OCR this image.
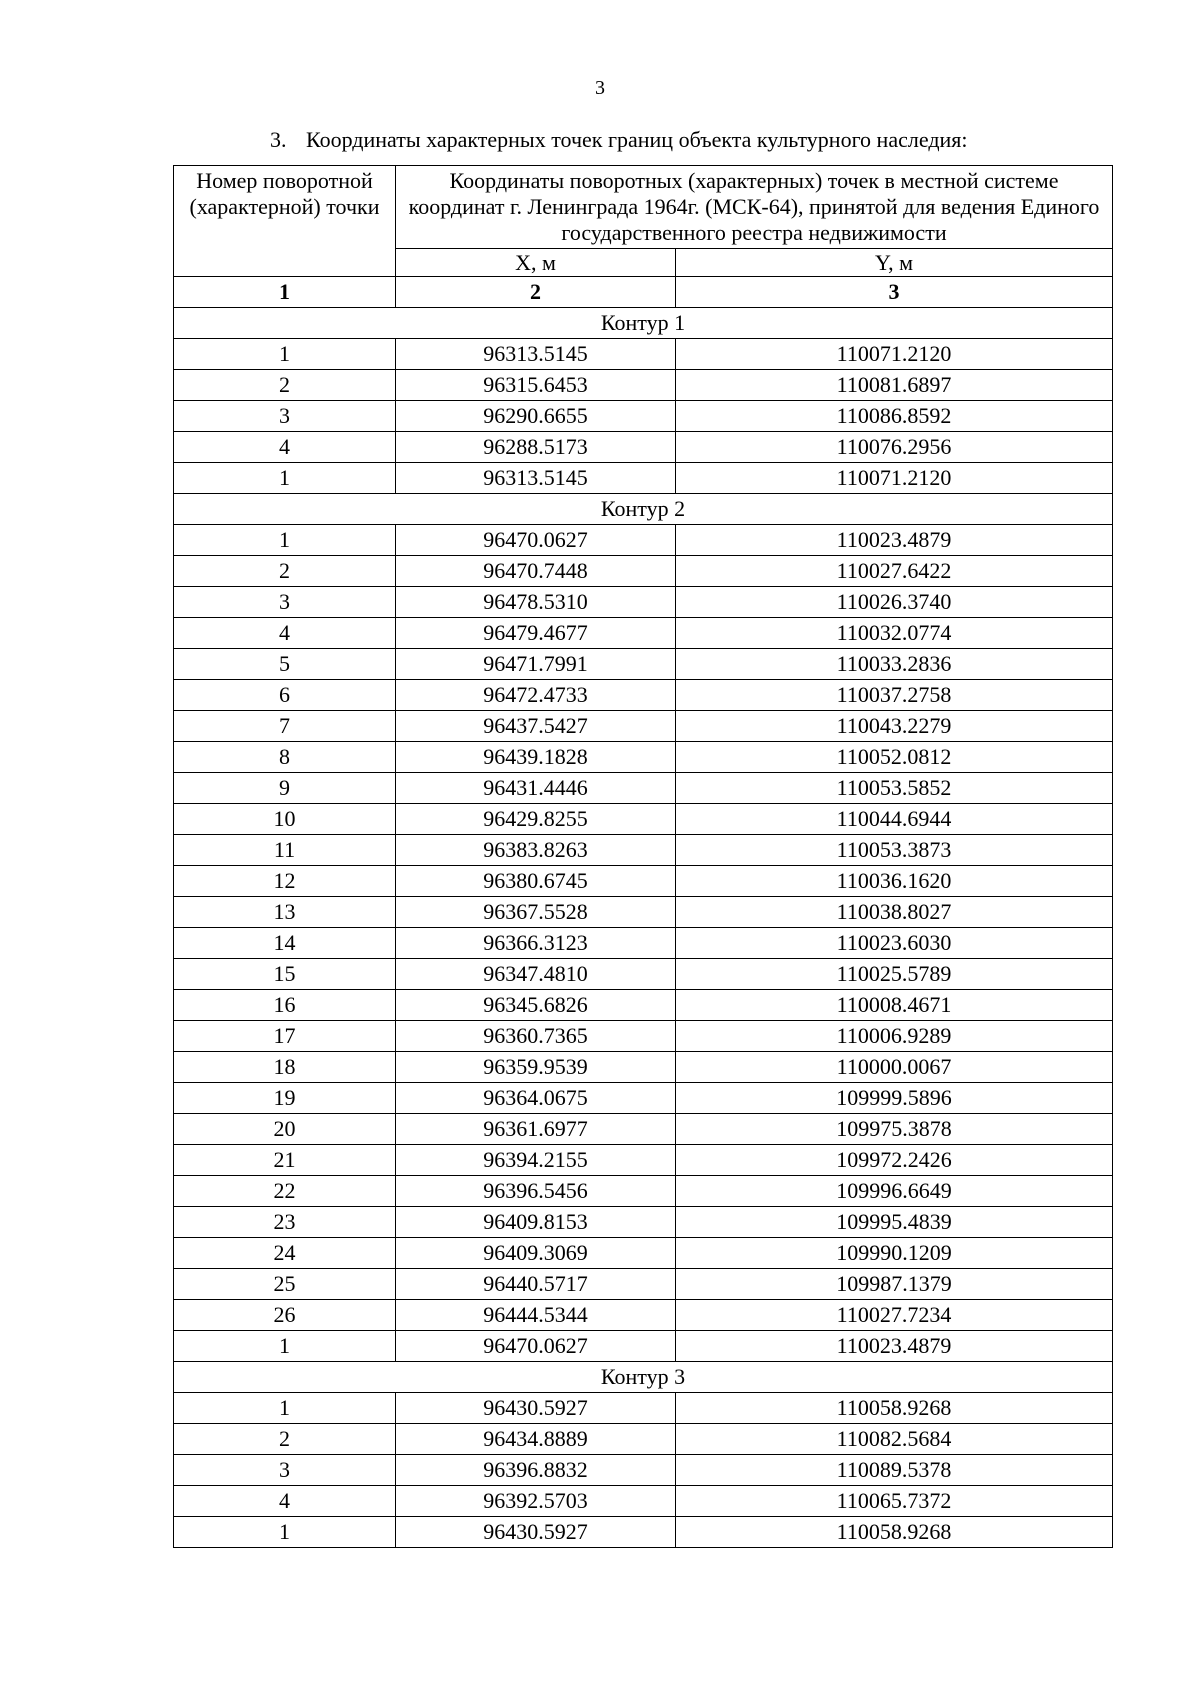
3
3. Координаты характерных точек границ объекта культурного наследия:
Номер поворотной (характерной) точки	Координаты поворотных (характерных) точек в местной системе координат г. Ленинграда 1964г. (МСК-64), принятой для ведения Единого государственного реестра недвижимости	
	X, м	Y, м
1	2	3
Контур 1		
1	96313.5145	110071.2120
2	96315.6453	110081.6897
3	96290.6655	110086.8592
4	96288.5173	110076.2956
1	96313.5145	110071.2120
Контур 2		
1	96470.0627	110023.4879
2	96470.7448	110027.6422
3	96478.5310	110026.3740
4	96479.4677	110032.0774
5	96471.7991	110033.2836
6	96472.4733	110037.2758
7	96437.5427	110043.2279
8	96439.1828	110052.0812
9	96431.4446	110053.5852
10	96429.8255	110044.6944
11	96383.8263	110053.3873
12	96380.6745	110036.1620
13	96367.5528	110038.8027
14	96366.3123	110023.6030
15	96347.4810	110025.5789
16	96345.6826	110008.4671
17	96360.7365	110006.9289
18	96359.9539	110000.0067
19	96364.0675	109999.5896
20	96361.6977	109975.3878
21	96394.2155	109972.2426
22	96396.5456	109996.6649
23	96409.8153	109995.4839
24	96409.3069	109990.1209
25	96440.5717	109987.1379
26	96444.5344	110027.7234
1	96470.0627	110023.4879
Контур 3		
1	96430.5927	110058.9268
2	96434.8889	110082.5684
3	96396.8832	110089.5378
4	96392.5703	110065.7372
1	96430.5927	110058.9268
